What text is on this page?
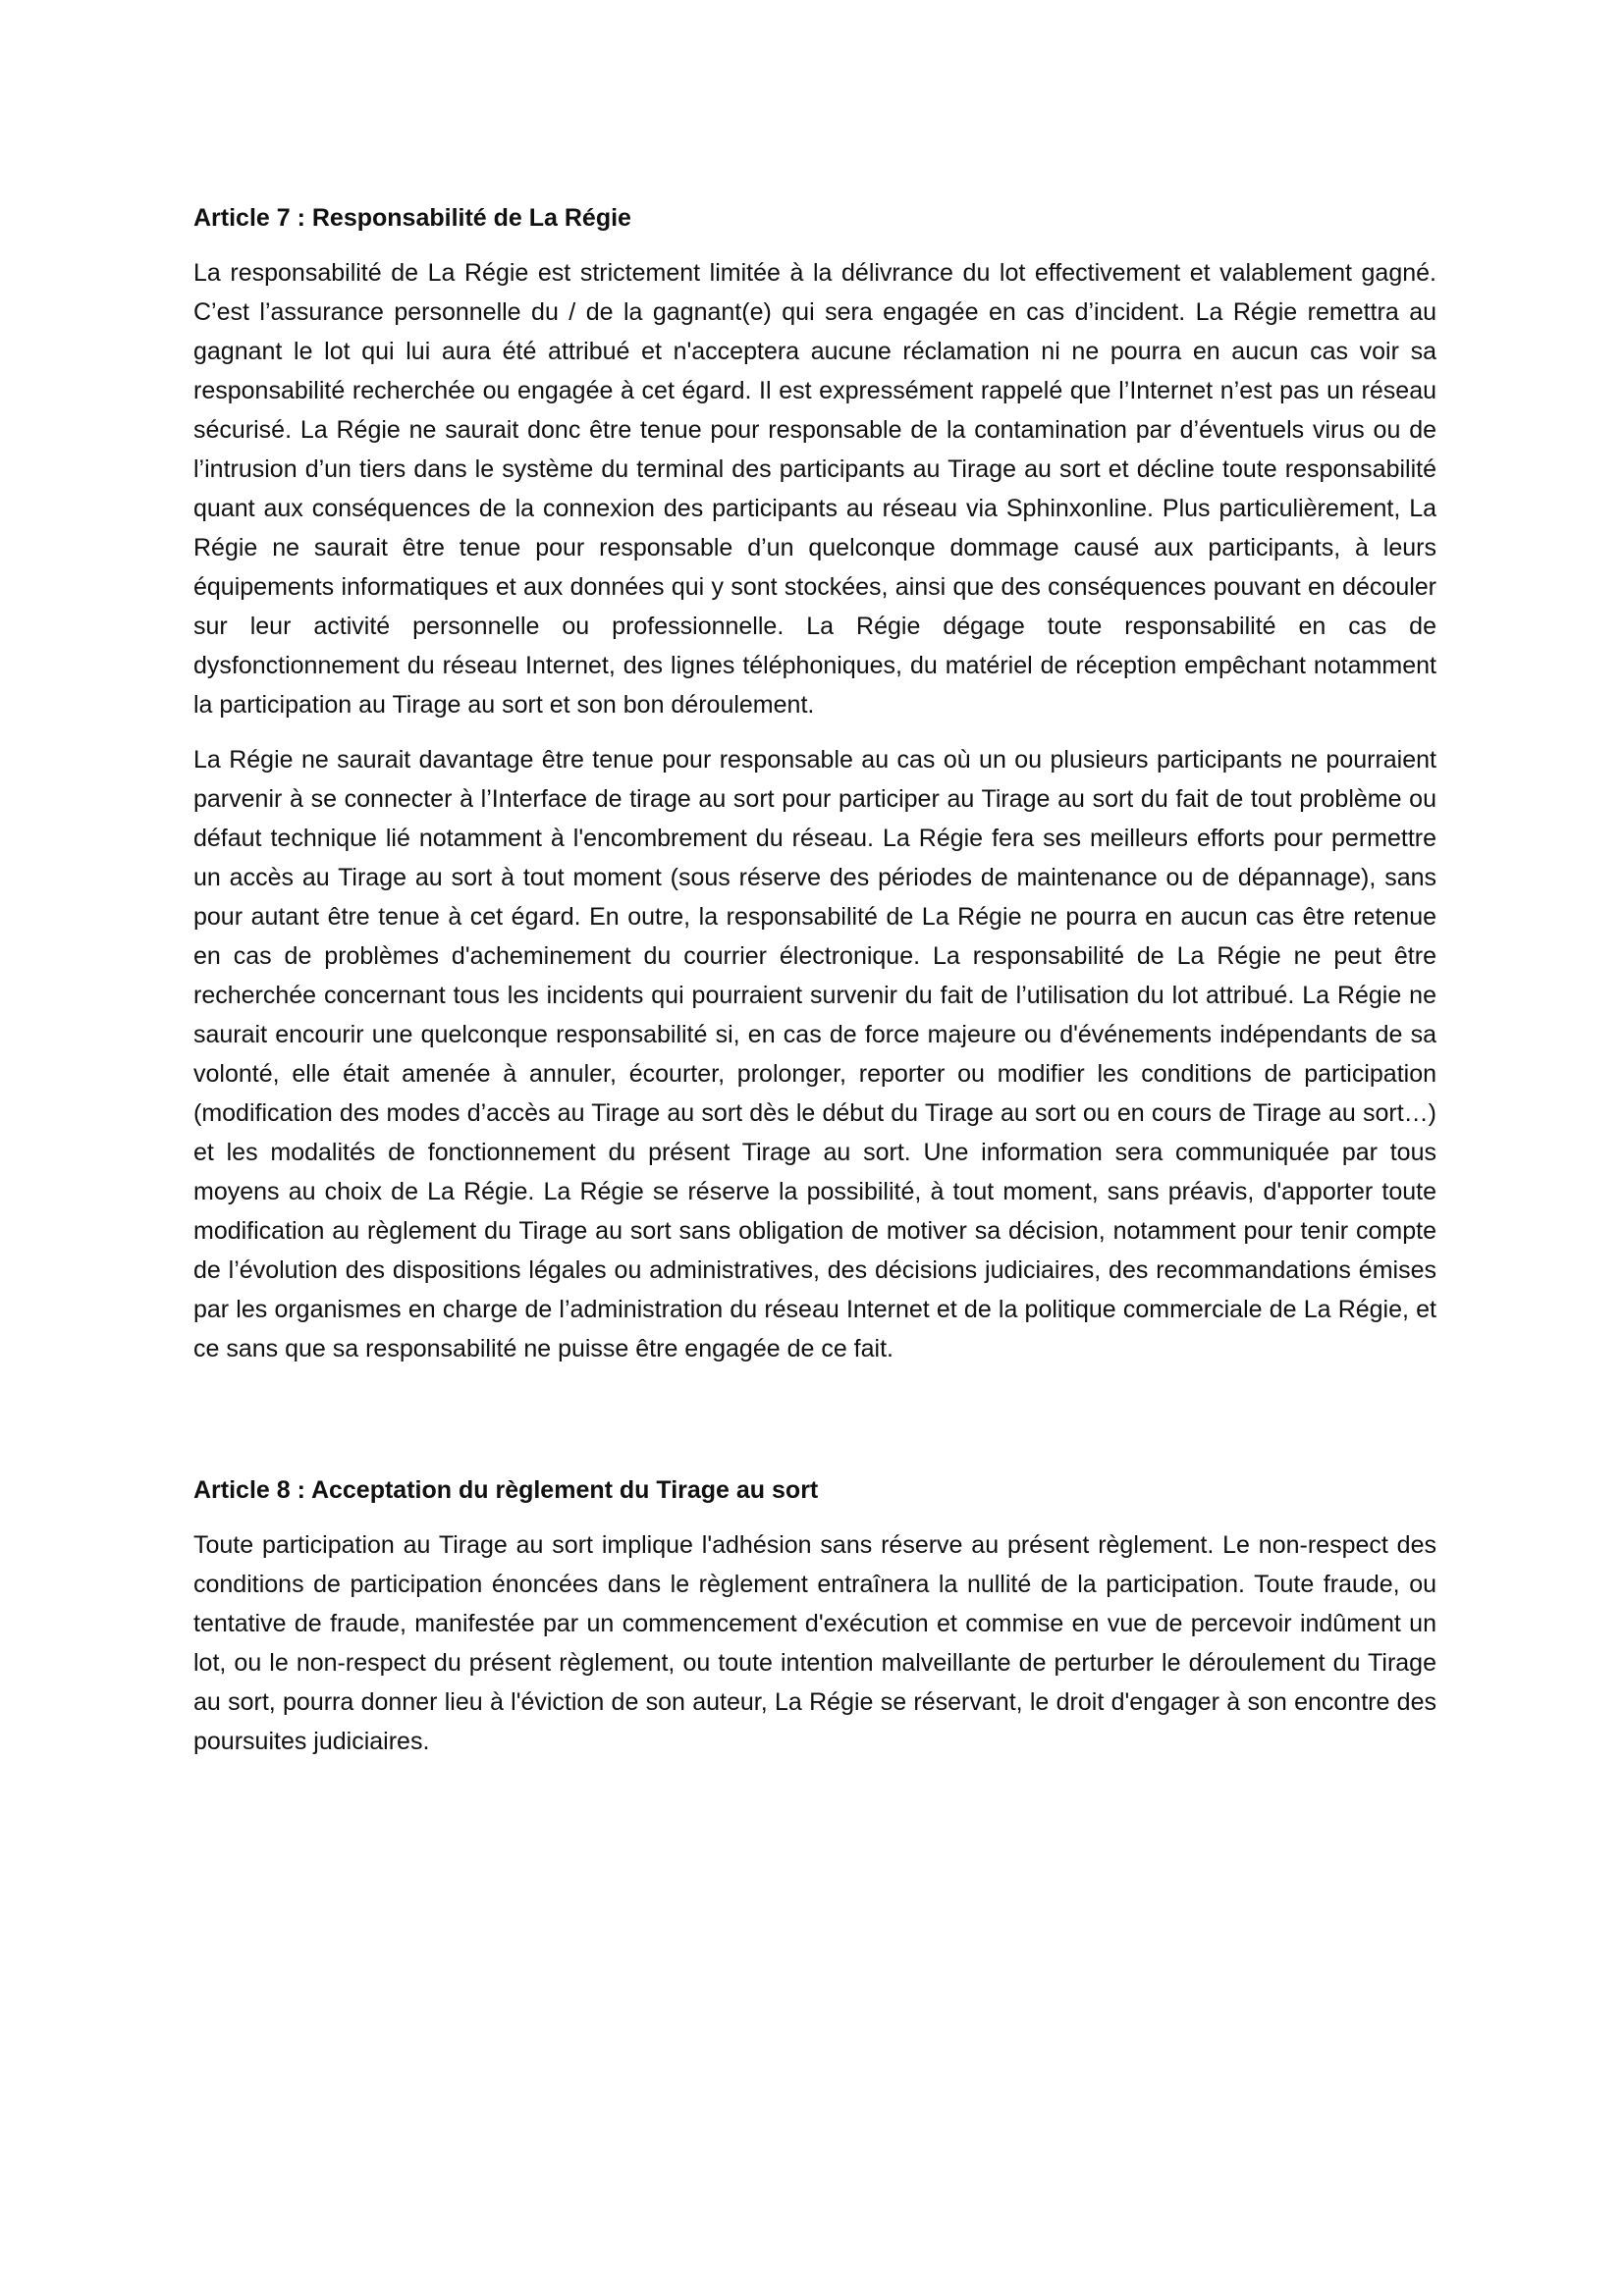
Article 7 : Responsabilité de La Régie

La responsabilité de La Régie est strictement limitée à la délivrance du lot effectivement et valablement gagné. C’est l’assurance personnelle du / de la gagnant(e) qui sera engagée en cas d’incident. La Régie remettra au gagnant le lot qui lui aura été attribué et n'acceptera aucune réclamation ni ne pourra en aucun cas voir sa responsabilité recherchée ou engagée à cet égard. Il est expressément rappelé que l’Internet n’est pas un réseau sécurisé. La Régie ne saurait donc être tenue pour responsable de la contamination par d’éventuels virus ou de l’intrusion d’un tiers dans le système du terminal des participants au Tirage au sort et décline toute responsabilité quant aux conséquences de la connexion des participants au réseau via Sphinxonline. Plus particulièrement, La Régie ne saurait être tenue pour responsable d’un quelconque dommage causé aux participants, à leurs équipements informatiques et aux données qui y sont stockées, ainsi que des conséquences pouvant en découler sur leur activité personnelle ou professionnelle. La Régie dégage toute responsabilité en cas de dysfonctionnement du réseau Internet, des lignes téléphoniques, du matériel de réception empêchant notamment la participation au Tirage au sort et son bon déroulement.

La Régie ne saurait davantage être tenue pour responsable au cas où un ou plusieurs participants ne pourraient parvenir à se connecter à l’Interface de tirage au sort pour participer au Tirage au sort du fait de tout problème ou défaut technique lié notamment à l'encombrement du réseau. La Régie fera ses meilleurs efforts pour permettre un accès au Tirage au sort à tout moment (sous réserve des périodes de maintenance ou de dépannage), sans pour autant être tenue à cet égard. En outre, la responsabilité de La Régie ne pourra en aucun cas être retenue en cas de problèmes d'acheminement du courrier électronique. La responsabilité de La Régie ne peut être recherchée concernant tous les incidents qui pourraient survenir du fait de l’utilisation du lot attribué. La Régie ne saurait encourir une quelconque responsabilité si, en cas de force majeure ou d'événements indépendants de sa volonté, elle était amenée à annuler, écourter, prolonger, reporter ou modifier les conditions de participation (modification des modes d’accès au Tirage au sort dès le début du Tirage au sort ou en cours de Tirage au sort…) et les modalités de fonctionnement du présent Tirage au sort. Une information sera communiquée par tous moyens au choix de La Régie. La Régie se réserve la possibilité, à tout moment, sans préavis, d'apporter toute modification au règlement du Tirage au sort sans obligation de motiver sa décision, notamment pour tenir compte de l’évolution des dispositions légales ou administratives, des décisions judiciaires, des recommandations émises par les organismes en charge de l’administration du réseau Internet et de la politique commerciale de La Régie, et ce sans que sa responsabilité ne puisse être engagée de ce fait.

Article 8 : Acceptation du règlement du Tirage au sort

Toute participation au Tirage au sort implique l'adhésion sans réserve au présent règlement. Le non-respect des conditions de participation énoncées dans le règlement entraînera la nullité de la participation. Toute fraude, ou tentative de fraude, manifestée par un commencement d'exécution et commise en vue de percevoir indûment un lot, ou le non-respect du présent règlement, ou toute intention malveillante de perturber le déroulement du Tirage au sort, pourra donner lieu à l'éviction de son auteur, La Régie se réservant, le droit d'engager à son encontre des poursuites judiciaires.
